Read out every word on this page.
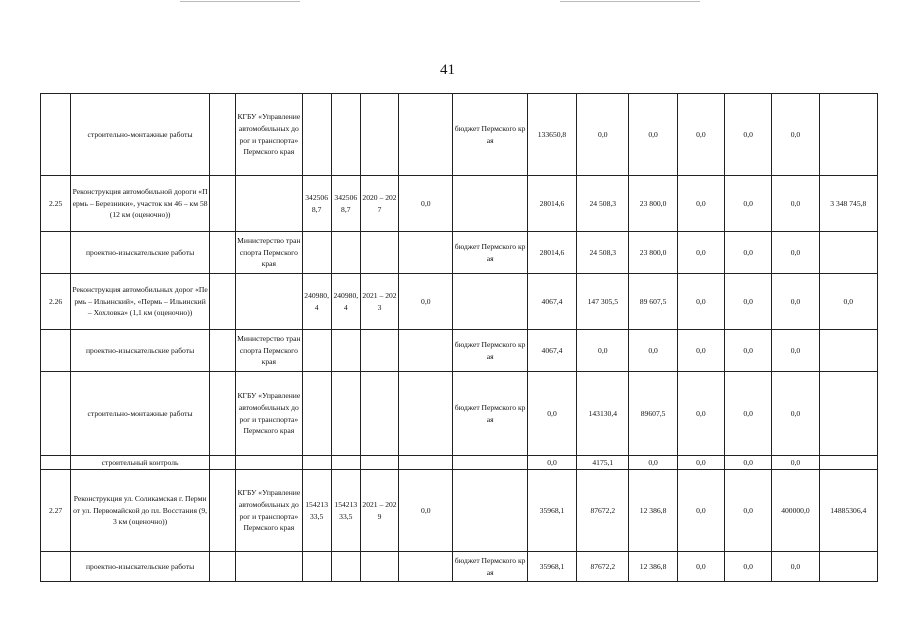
41
	строительно-монтажные работы		КГБУ «Управление автомобильных дорог и транспорта» Пермского края					бюджет Пермского края	133650,8	0,0	0,0	0,0	0,0	0,0	
2.25	Реконструкция автомобильной дороги «Пермь – Березники», участок км 46 – км 58 (12 км (оценочно))			3425068,7	3425068,7	2020 – 2027	0,0		28014,6	24 508,3	23 800,0	0,0	0,0	0,0	3 348 745,8
	проектно-изыскательские работы		Министерство транспорта Пермского края					бюджет Пермского края	28014,6	24 508,3	23 800,0	0,0	0,0	0,0	
2.26	Реконструкция автомобильных дорог «Пермь – Ильинский», «Пермь – Ильинский – Хохловка» (1,1 км (оценочно))			240980,4	240980,4	2021 – 2023	0,0		4067,4	147 305,5	89 607,5	0,0	0,0	0,0	0,0
	проектно-изыскательские работы		Министерство транспорта Пермского края					бюджет Пермского края	4067,4	0,0	0,0	0,0	0,0	0,0	
	строительно-монтажные работы		КГБУ «Управление автомобильных дорог и транспорта» Пермского края					бюджет Пермского края	0,0	143130,4	89607,5	0,0	0,0	0,0	
	строительный контроль								0,0	4175,1	0,0	0,0	0,0	0,0	
2.27	Реконструкция ул. Соликамская г. Перми от ул. Первомайской до пл. Восстания (9,3 км (оценочно))		КГБУ «Управление автомобильных дорог и транспорта» Пермского края	15421333,5	15421333,5	2021 – 2029	0,0		35968,1	87672,2	12 386,8	0,0	0,0	400000,0	14885306,4
	проектно-изыскательские работы							бюджет Пермского края	35968,1	87672,2	12 386,8	0,0	0,0	0,0	
